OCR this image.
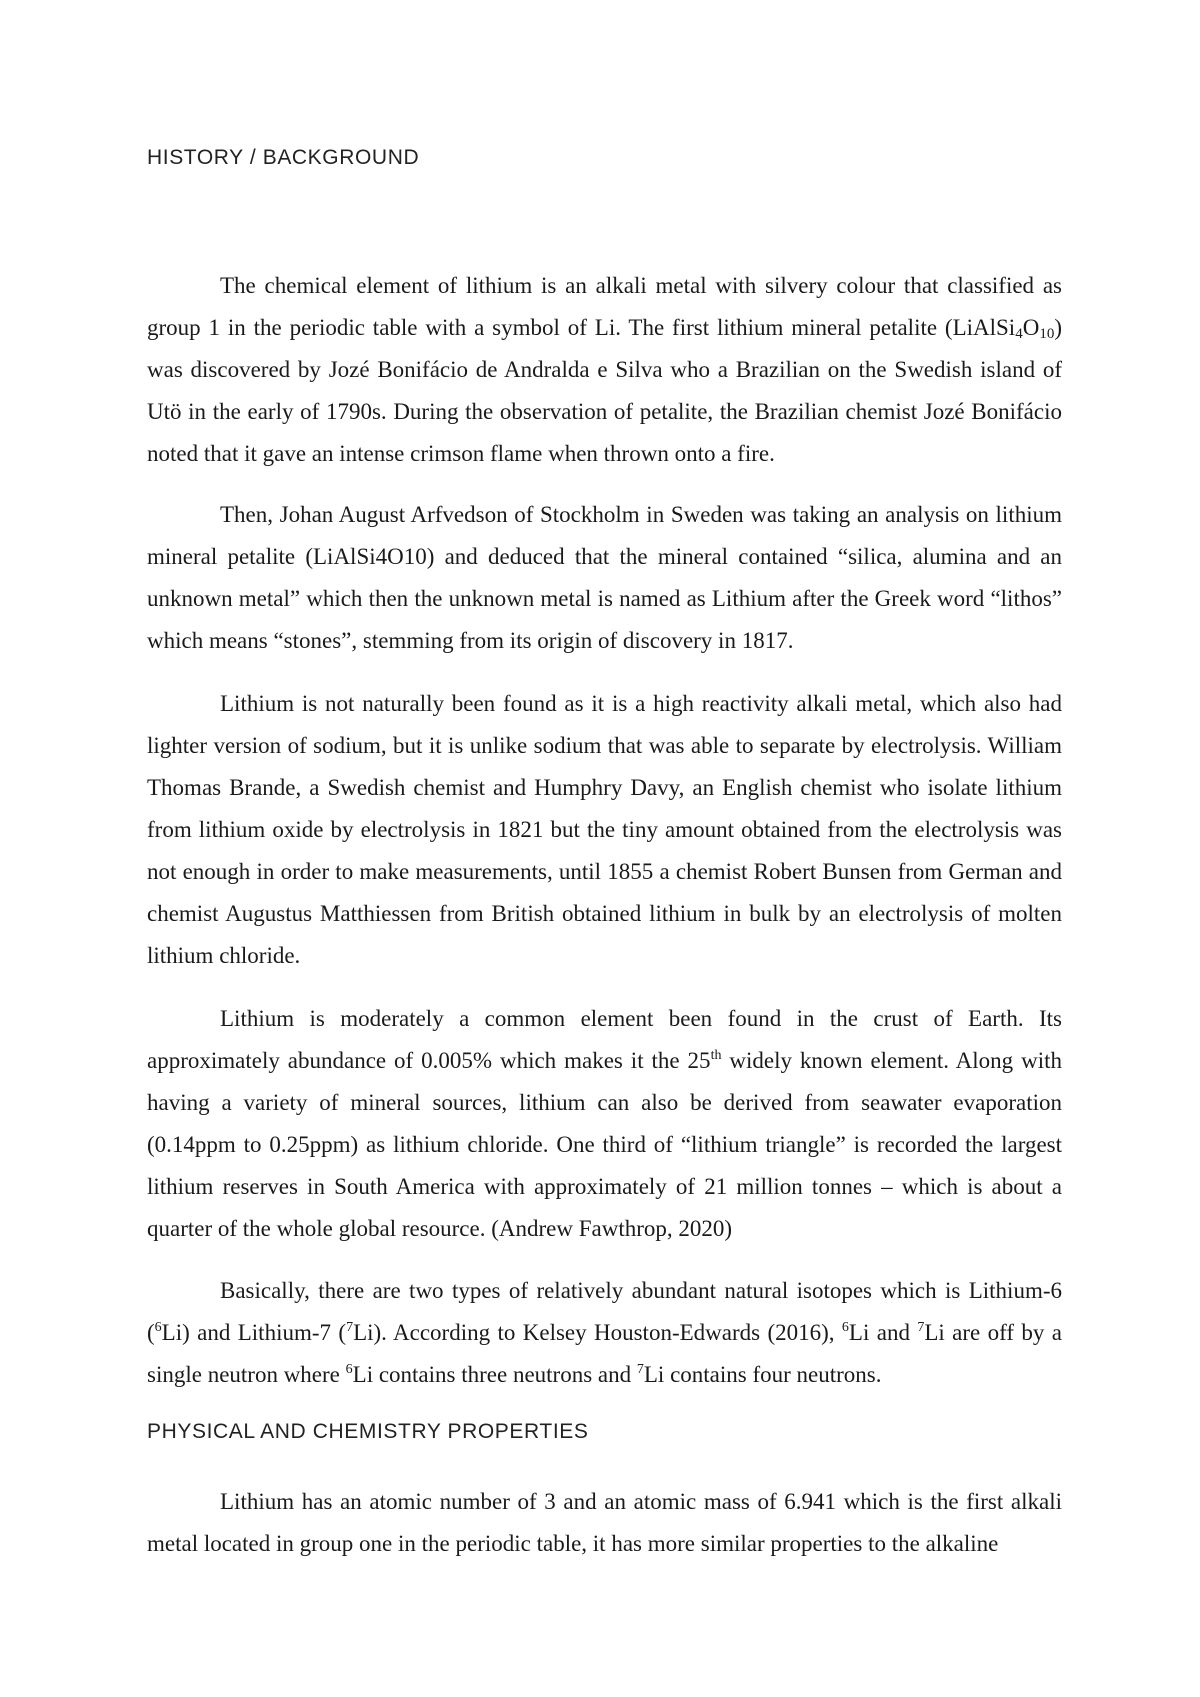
HISTORY / BACKGROUND

The chemical element of lithium is an alkali metal with silvery colour that classified as group 1 in the periodic table with a symbol of Li. The first lithium mineral petalite $(LiAlSi_4O_{10})$ was discovered by Jozé Bonifácio de Andralda e Silva who a Brazilian on the Swedish island of Utö in the early of 1790s. During the observation of petalite, the Brazilian chemist Jozé Bonifácio noted that it gave an intense crimson flame when thrown onto a fire.

Then, Johan August Arfvedson of Stockholm in Sweden was taking an analysis on lithium mineral petalite (LiAlSi4O10) and deduced that the mineral contained “silica, alumina and an unknown metal” which then the unknown metal is named as Lithium after the Greek word “lithos” which means “stones”, stemming from its origin of discovery in 1817.

Lithium is not naturally been found as it is a high reactivity alkali metal, which also had lighter version of sodium, but it is unlike sodium that was able to separate by electrolysis. William Thomas Brande, a Swedish chemist and Humphry Davy, an English chemist who isolate lithium from lithium oxide by electrolysis in 1821 but the tiny amount obtained from the electrolysis was not enough in order to make measurements, until 1855 a chemist Robert Bunsen from German and chemist Augustus Matthiessen from British obtained lithium in bulk by an electrolysis of molten lithium chloride.

Lithium is moderately a common element been found in the crust of Earth. Its approximately abundance of 0.005% which makes it the 25th widely known element. Along with having a variety of mineral sources, lithium can also be derived from seawater evaporation (0.14ppm to 0.25ppm) as lithium chloride. One third of “lithium triangle” is recorded the largest lithium reserves in South America with approximately of 21 million tonnes – which is about a quarter of the whole global resource. (Andrew Fawthrop, 2020)

Basically, there are two types of relatively abundant natural isotopes which is Lithium-6 ($^6$Li) and Lithium-7 ($^7$Li). According to Kelsey Houston-Edwards (2016), $^6$Li and $^7$Li are off by a single neutron where $^6$Li contains three neutrons and $^7$Li contains four neutrons.

PHYSICAL AND CHEMISTRY PROPERTIES

Lithium has an atomic number of 3 and an atomic mass of 6.941 which is the first alkali metal located in group one in the periodic table, it has more similar properties to the alkaline
